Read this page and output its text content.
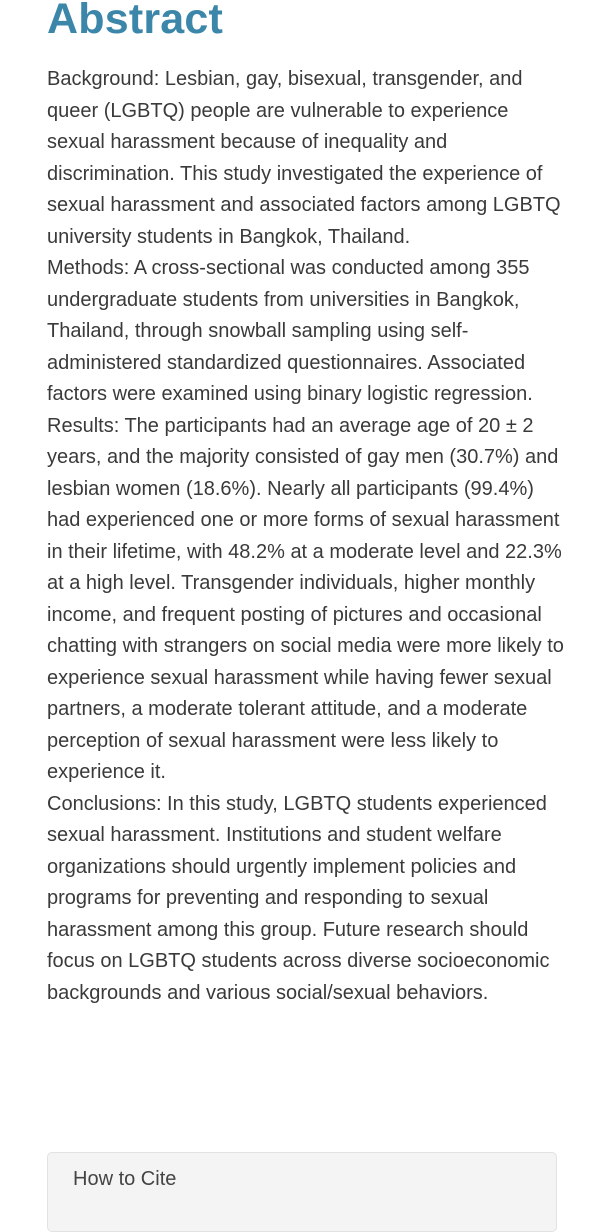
Abstract

Background: Lesbian, gay, bisexual, transgender, and queer (LGBTQ) people are vulnerable to experience sexual harassment because of inequality and discrimination. This study investigated the experience of sexual harassment and associated factors among LGBTQ university students in Bangkok, Thailand.

Methods: A cross-sectional was conducted among 355 undergraduate students from universities in Bangkok, Thailand, through snowball sampling using self-administered standardized questionnaires. Associated factors were examined using binary logistic regression.

Results: The participants had an average age of 20 ± 2 years, and the majority consisted of gay men (30.7%) and lesbian women (18.6%). Nearly all participants (99.4%) had experienced one or more forms of sexual harassment in their lifetime, with 48.2% at a moderate level and 22.3% at a high level. Transgender individuals, higher monthly income, and frequent posting of pictures and occasional chatting with strangers on social media were more likely to experience sexual harassment while having fewer sexual partners, a moderate tolerant attitude, and a moderate perception of sexual harassment were less likely to experience it.

Conclusions: In this study, LGBTQ students experienced sexual harassment. Institutions and student welfare organizations should urgently implement policies and programs for preventing and responding to sexual harassment among this group. Future research should focus on LGBTQ students across diverse socioeconomic backgrounds and various social/sexual behaviors.

How to Cite
